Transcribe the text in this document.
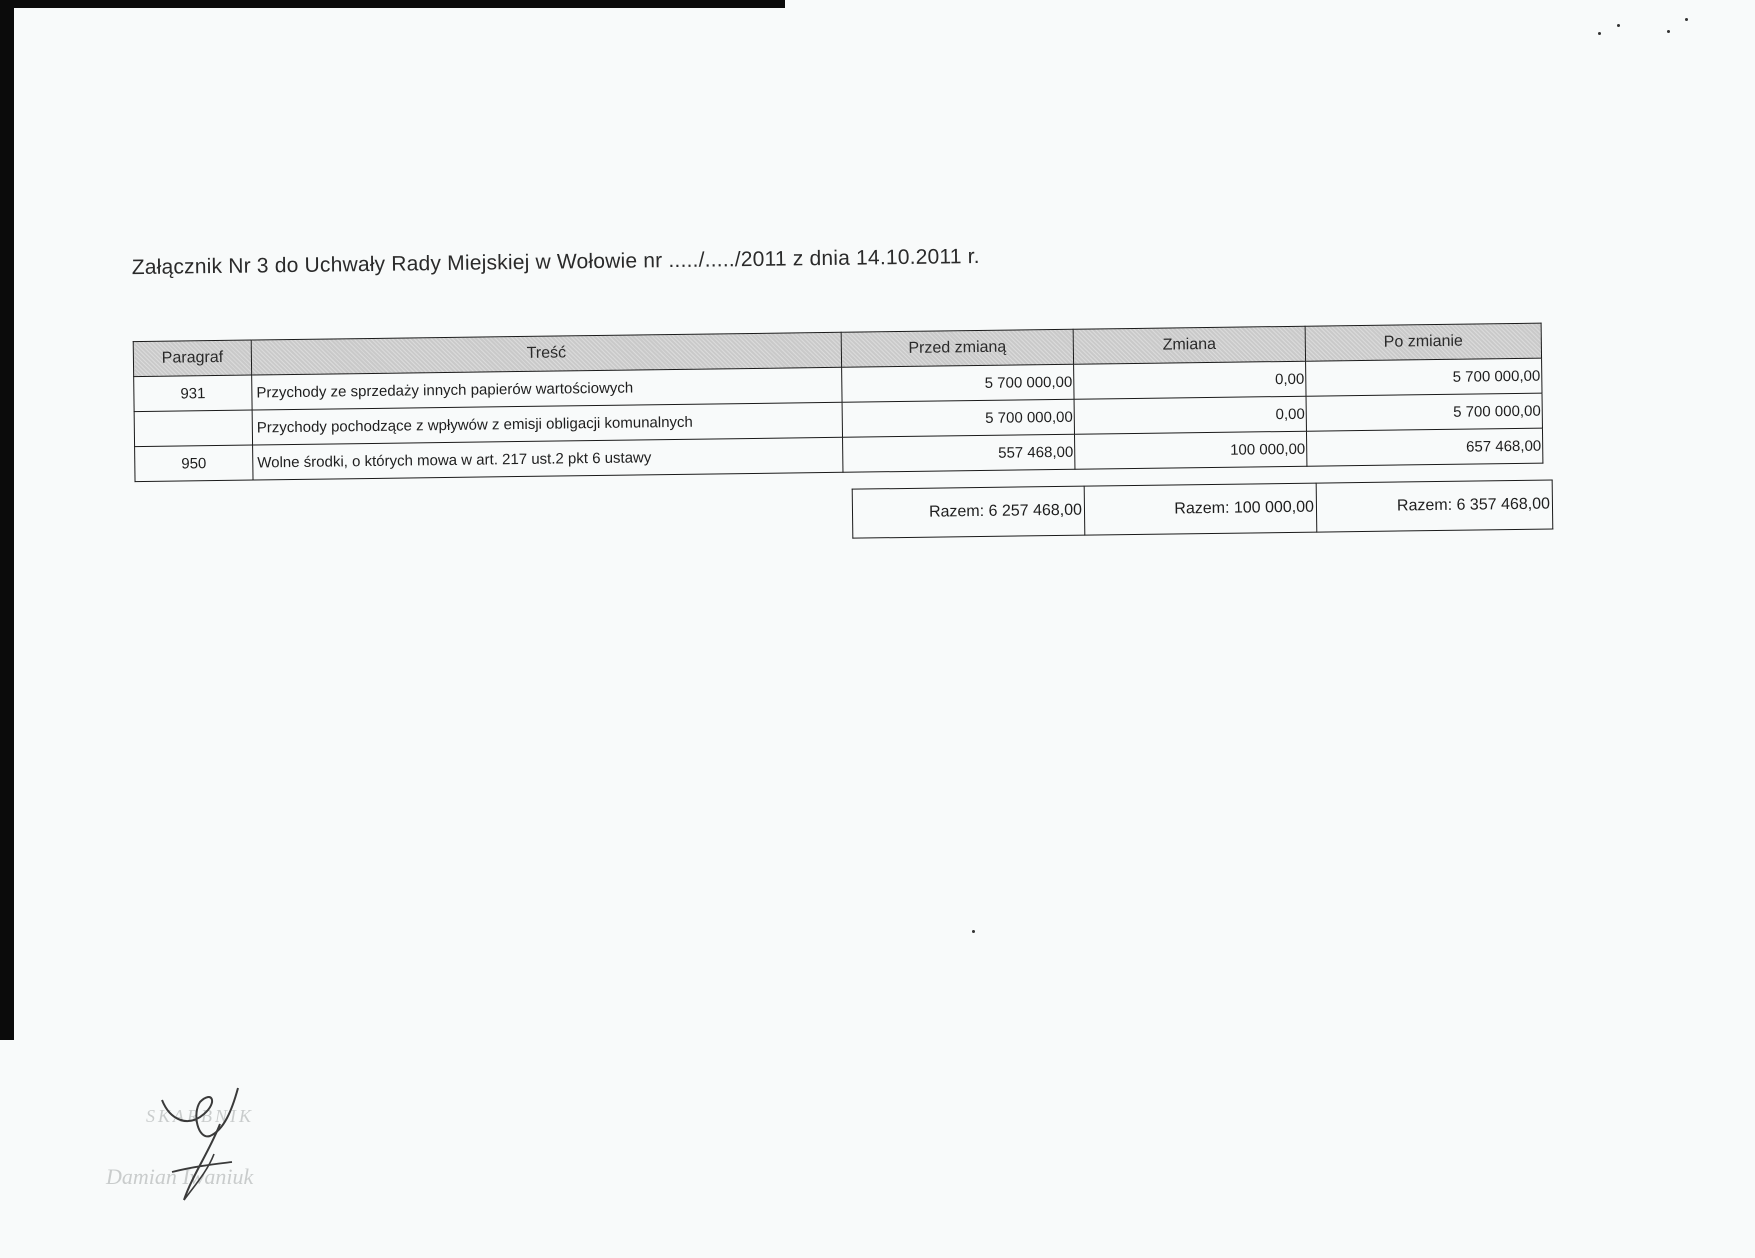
Załącznik Nr 3 do Uchwały Rady Miejskiej w Wołowie nr ...../...../2011 z dnia 14.10.2011 r.
Paragraf	Treść	Przed zmianą	Zmiana	Po zmianie
931	Przychody ze sprzedaży innych papierów wartościowych	5 700 000,00	0,00	5 700 000,00
	Przychody pochodzące z wpływów z emisji obligacji komunalnych	5 700 000,00	0,00	5 700 000,00
950	Wolne środki, o których mowa w art. 217 ust.2 pkt 6 ustawy	557 468,00	100 000,00	657 468,00
Razem: 6 257 468,00	Razem: 100 000,00	Razem: 6 357 468,00
SKARBNIK
Damian Iwaniuk
